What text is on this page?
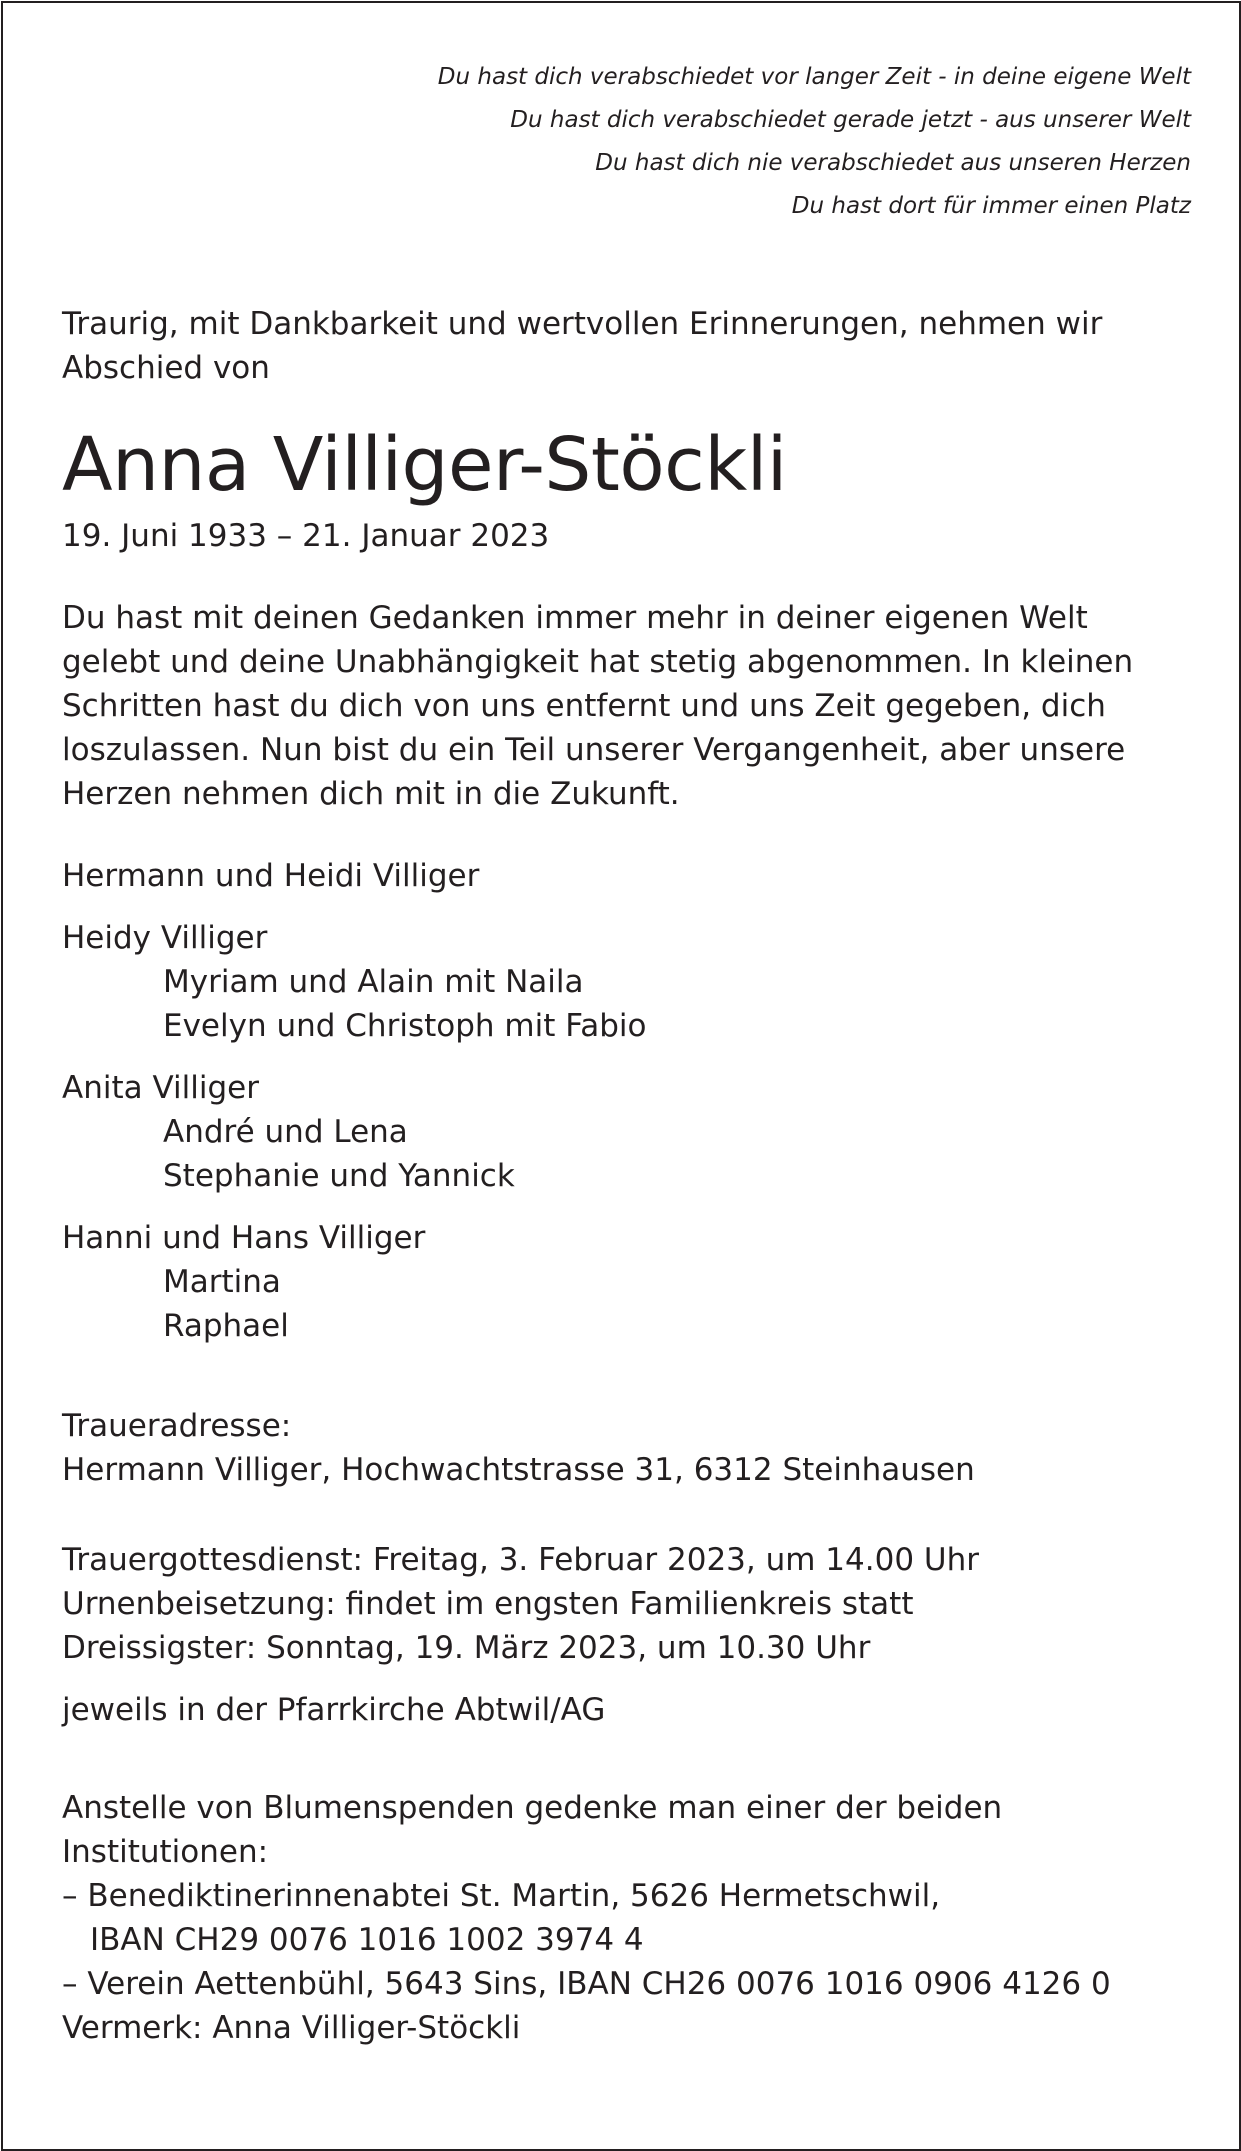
Du hast dich verabschiedet vor langer Zeit - in deine eigene Welt
Du hast dich verabschiedet gerade jetzt - aus unserer Welt
Du hast dich nie verabschiedet aus unseren Herzen
Du hast dort für immer einen Platz
Traurig, mit Dankbarkeit und wertvollen Erinnerungen, nehmen wir
Abschied von
Anna Villiger-Stöckli
19. Juni 1933 – 21. Januar 2023
Du hast mit deinen Gedanken immer mehr in deiner eigenen Welt
gelebt und deine Unabhängigkeit hat stetig abgenommen. In kleinen
Schritten hast du dich von uns entfernt und uns Zeit gegeben, dich
loszulassen. Nun bist du ein Teil unserer Vergangenheit, aber unsere
Herzen nehmen dich mit in die Zukunft.
Hermann und Heidi Villiger
Heidy Villiger
Myriam und Alain mit Naila
Evelyn und Christoph mit Fabio
Anita Villiger
André und Lena
Stephanie und Yannick
Hanni und Hans Villiger
Martina
Raphael
Traueradresse:
Hermann Villiger, Hochwachtstrasse 31, 6312 Steinhausen
Trauergottesdienst: Freitag, 3. Februar 2023, um 14.00 Uhr
Urnenbeisetzung: findet im engsten Familienkreis statt
Dreissigster: Sonntag, 19. März 2023, um 10.30 Uhr
jeweils in der Pfarrkirche Abtwil/AG
Anstelle von Blumenspenden gedenke man einer der beiden
Institutionen:
– Benediktinerinnenabtei St. Martin, 5626 Hermetschwil,
IBAN CH29 0076 1016 1002 3974 4
– Verein Aettenbühl, 5643 Sins, IBAN CH26 0076 1016 0906 4126 0
Vermerk: Anna Villiger-Stöckli
